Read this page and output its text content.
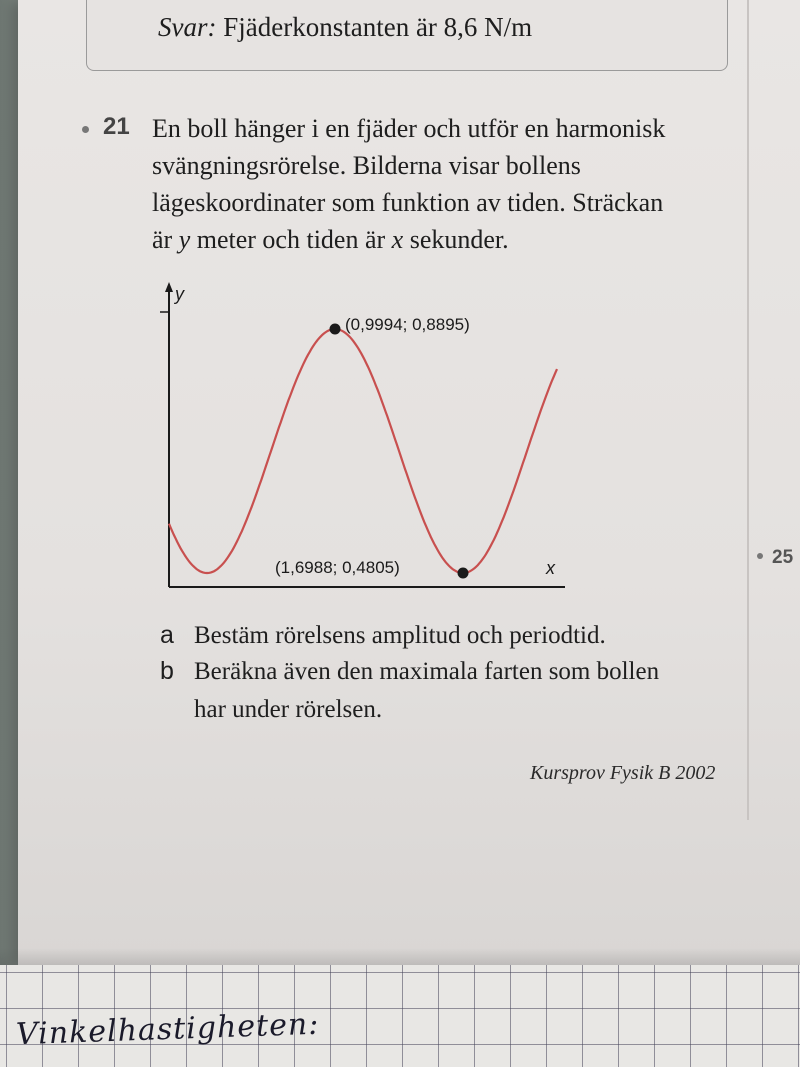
Svar: Fjäderkonstanten är 8,6 N/m
21 En boll hänger i en fjäder och utför en harmonisk
svängningsrörelse. Bilderna visar bollens
lägeskoordinater som funktion av tiden. Sträckan
är y meter och tiden är x sekunder.
y
x
(0,9994; 0,8895)
(1,6988; 0,4805)
a Bestäm rörelsens amplitud och periodtid.
b Beräkna även den maximala farten som bollen
har under rörelsen.
Kursprov Fysik B 2002
25
Vinkelhastigheten:
